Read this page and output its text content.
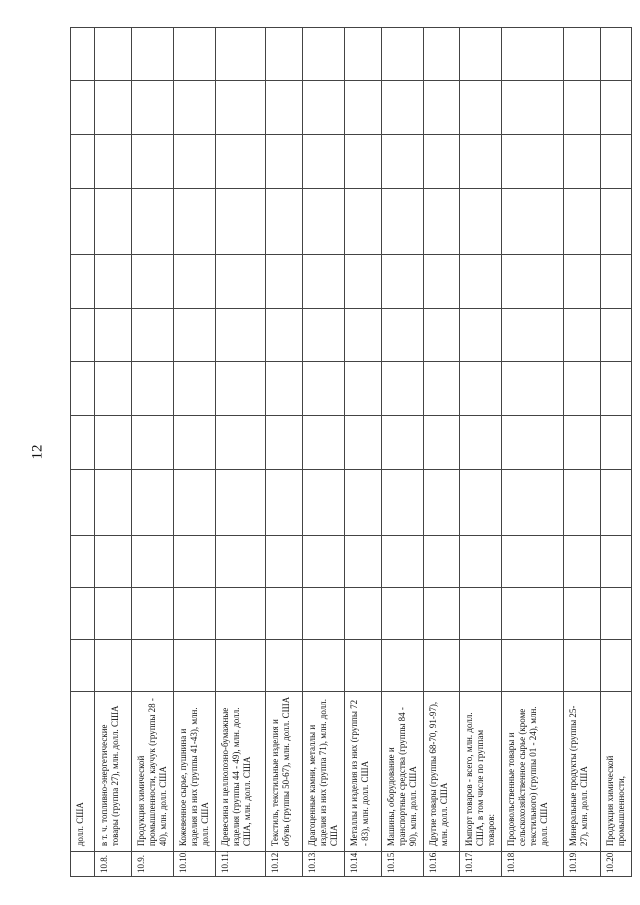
12
	долл. США												
10.8.	в т. ч. топливно-энергетические товары (группа 27), млн. долл. США												
10.9.	Продукция химической промышленности, каучук (группы 28 - 40), млн. долл. США												
10.10.	Кожевенное сырье, пушнина и изделия из них (группы 41-43), млн. долл. США												
10.11.	Древесина и целлюлозно-бумажные изделия (группы 44 - 49), млн. долл. США, млн. долл. США												
10.12.	Текстиль, текстильные изделия и обувь (группы 50-67), млн. долл. США												
10.13.	Драгоценные камни, металлы и изделия из них (группа 71), млн. долл. США												
10.14.	Металлы и изделия из них (группы 72 - 83), млн. долл. США												
10.15.	Машины, оборудование и транспортные средства (группы 84 - 90), млн. долл. США												
10.16.	Другие товары (группы 68-70, 91-97), млн. долл. США												
10.17.	Импорт товаров - всего, млн. долл. США, в том числе по группам товаров:												
10.18.	Продовольственные товары и сельскохозяйственное сырье (кроме текстильного) (группы 01 - 24), млн. долл. США												
10.19.	Минеральные продукты (группы 25-27), млн. долл. США												
10.20.	Продукция химической промышленности,												
